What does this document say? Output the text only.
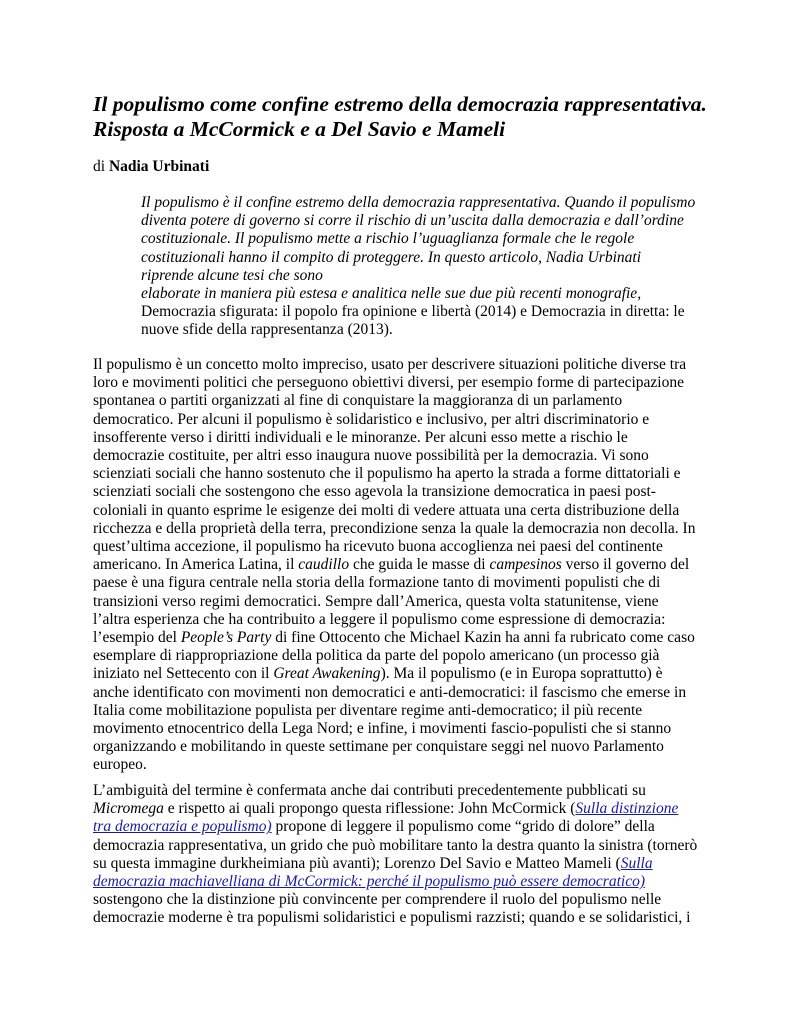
Il populismo come confine estremo della democrazia rappresentativa.
Risposta a McCormick e a Del Savio e Mameli
di Nadia Urbinati
Il populismo è il confine estremo della democrazia rappresentativa. Quando il populismo
diventa potere di governo si corre il rischio di un’uscita dalla democrazia e dall’ordine
costituzionale. Il populismo mette a rischio l’uguaglianza formale che le regole
costituzionali hanno il compito di proteggere. In questo articolo, Nadia Urbinati
riprende alcune tesi che sono
elaborate in maniera più estesa e analitica nelle sue due più recenti monografie,
Democrazia sfigurata: il popolo fra opinione e libertà (2014) e Democrazia in diretta: le
nuove sfide della rappresentanza (2013).
Il populismo è un concetto molto impreciso, usato per descrivere situazioni politiche diverse tra
loro e movimenti politici che perseguono obiettivi diversi, per esempio forme di partecipazione
spontanea o partiti organizzati al fine di conquistare la maggioranza di un parlamento
democratico. Per alcuni il populismo è solidaristico e inclusivo, per altri discriminatorio e
insofferente verso i diritti individuali e le minoranze. Per alcuni esso mette a rischio le
democrazie costituite, per altri esso inaugura nuove possibilità per la democrazia. Vi sono
scienziati sociali che hanno sostenuto che il populismo ha aperto la strada a forme dittatoriali e
scienziati sociali che sostengono che esso agevola la transizione democratica in paesi post-
coloniali in quanto esprime le esigenze dei molti di vedere attuata una certa distribuzione della
ricchezza e della proprietà della terra, precondizione senza la quale la democrazia non decolla. In
quest’ultima accezione, il populismo ha ricevuto buona accoglienza nei paesi del continente
americano. In America Latina, il caudillo che guida le masse di campesinos verso il governo del
paese è una figura centrale nella storia della formazione tanto di movimenti populisti che di
transizioni verso regimi democratici. Sempre dall’America, questa volta statunitense, viene
l’altra esperienza che ha contribuito a leggere il populismo come espressione di democrazia:
l’esempio del People’s Party di fine Ottocento che Michael Kazin ha anni fa rubricato come caso
esemplare di riappropriazione della politica da parte del popolo americano (un processo già
iniziato nel Settecento con il Great Awakening). Ma il populismo (e in Europa soprattutto) è
anche identificato con movimenti non democratici e anti-democratici: il fascismo che emerse in
Italia come mobilitazione populista per diventare regime anti-democratico; il più recente
movimento etnocentrico della Lega Nord; e infine, i movimenti fascio-populisti che si stanno
organizzando e mobilitando in queste settimane per conquistare seggi nel nuovo Parlamento
europeo.
L’ambiguità del termine è confermata anche dai contributi precedentemente pubblicati su
Micromega e rispetto ai quali propongo questa riflessione: John McCormick (Sulla distinzione
tra democrazia e populismo) propone di leggere il populismo come “grido di dolore” della
democrazia rappresentativa, un grido che può mobilitare tanto la destra quanto la sinistra (tornerò
su questa immagine durkheimiana più avanti); Lorenzo Del Savio e Matteo Mameli (Sulla
democrazia machiavelliana di McCormick: perché il populismo può essere democratico)
sostengono che la distinzione più convincente per comprendere il ruolo del populismo nelle
democrazie moderne è tra populismi solidaristici e populismi razzisti; quando e se solidaristici, i
